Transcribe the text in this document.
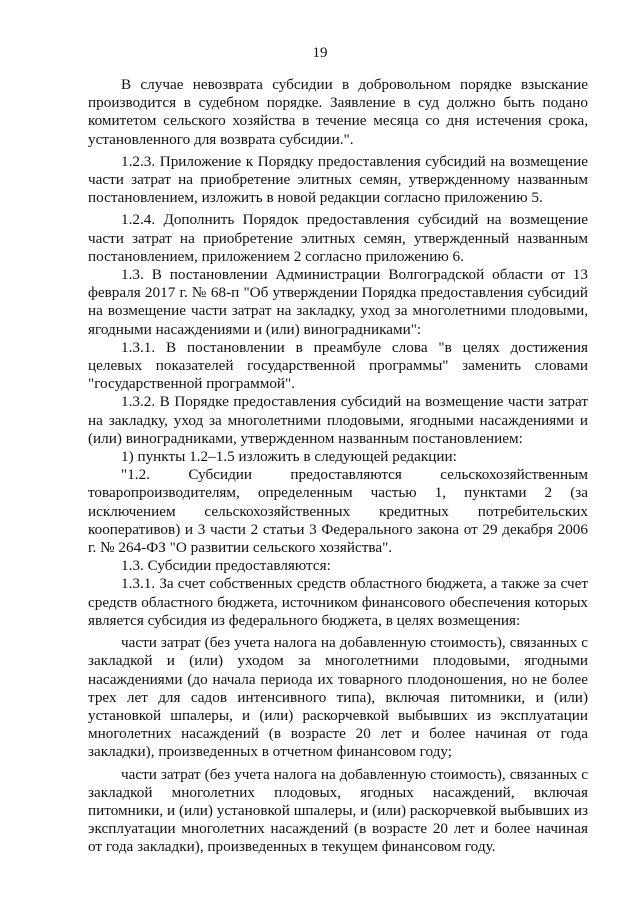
19

В случае невозврата субсидии в добровольном порядке взыскание производится в судебном порядке. Заявление в суд должно быть подано комитетом сельского хозяйства в течение месяца со дня истечения срока, установленного для возврата субсидии.".

1.2.3. Приложение к Порядку предоставления субсидий на возмещение части затрат на приобретение элитных семян, утвержденному названным постановлением, изложить в новой редакции согласно приложению 5.

1.2.4. Дополнить Порядок предоставления субсидий на возмещение части затрат на приобретение элитных семян, утвержденный названным постановлением, приложением 2 согласно приложению 6.

1.3. В постановлении Администрации Волгоградской области от 13 февраля 2017 г. № 68-п "Об утверждении Порядка предоставления субсидий на возмещение части затрат на закладку, уход за многолетними плодовыми, ягодными насаждениями и (или) виноградниками":

1.3.1. В постановлении в преамбуле слова "в целях достижения целевых показателей государственной программы" заменить словами "государственной программой".

1.3.2. В Порядке предоставления субсидий на возмещение части затрат на закладку, уход за многолетними плодовыми, ягодными насаждениями и (или) виноградниками, утвержденном названным постановлением:

1) пункты 1.2–1.5 изложить в следующей редакции:

"1.2. Субсидии предоставляются сельскохозяйственным товаропроизводителям, определенным частью 1, пунктами 2 (за исключением сельскохозяйственных кредитных потребительских кооперативов) и 3 части 2 статьи 3 Федерального закона от 29 декабря 2006 г. № 264-ФЗ "О развитии сельского хозяйства".

1.3. Субсидии предоставляются:

1.3.1. За счет собственных средств областного бюджета, а также за счет средств областного бюджета, источником финансового обеспечения которых является субсидия из федерального бюджета, в целях возмещения:

части затрат (без учета налога на добавленную стоимость), связанных с закладкой и (или) уходом за многолетними плодовыми, ягодными насаждениями (до начала периода их товарного плодоношения, но не более трех лет для садов интенсивного типа), включая питомники, и (или) установкой шпалеры, и (или) раскорчевкой выбывших из эксплуатации многолетних насаждений (в возрасте 20 лет и более начиная от года закладки), произведенных в отчетном финансовом году;

части затрат (без учета налога на добавленную стоимость), связанных с закладкой многолетних плодовых, ягодных насаждений, включая питомники, и (или) установкой шпалеры, и (или) раскорчевкой выбывших из эксплуатации многолетних насаждений (в возрасте 20 лет и более начиная от года закладки), произведенных в текущем финансовом году.
